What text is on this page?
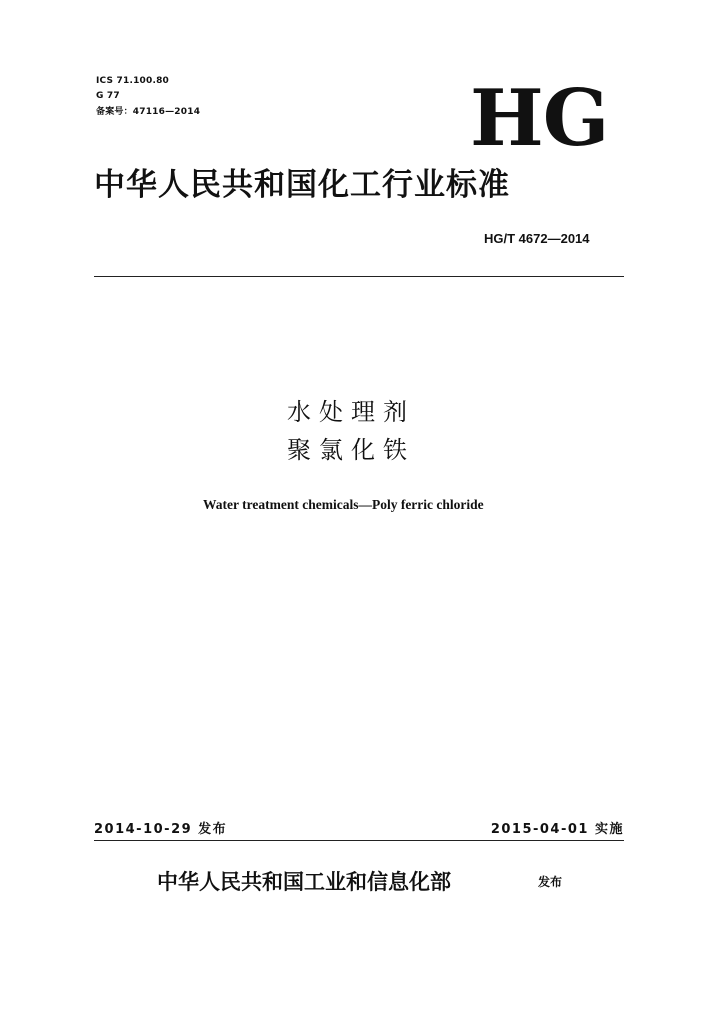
ICS 71.100.80
G 77
备案号：47116—2014	HG
中华人民共和国化工行业标准
HG/T 4672—2014
水处理剂
聚氯化铁
Water treatment chemicals—Poly ferric chloride
2014-10-29 发布	2015-04-01 实施
中华人民共和国工业和信息化部	发布
